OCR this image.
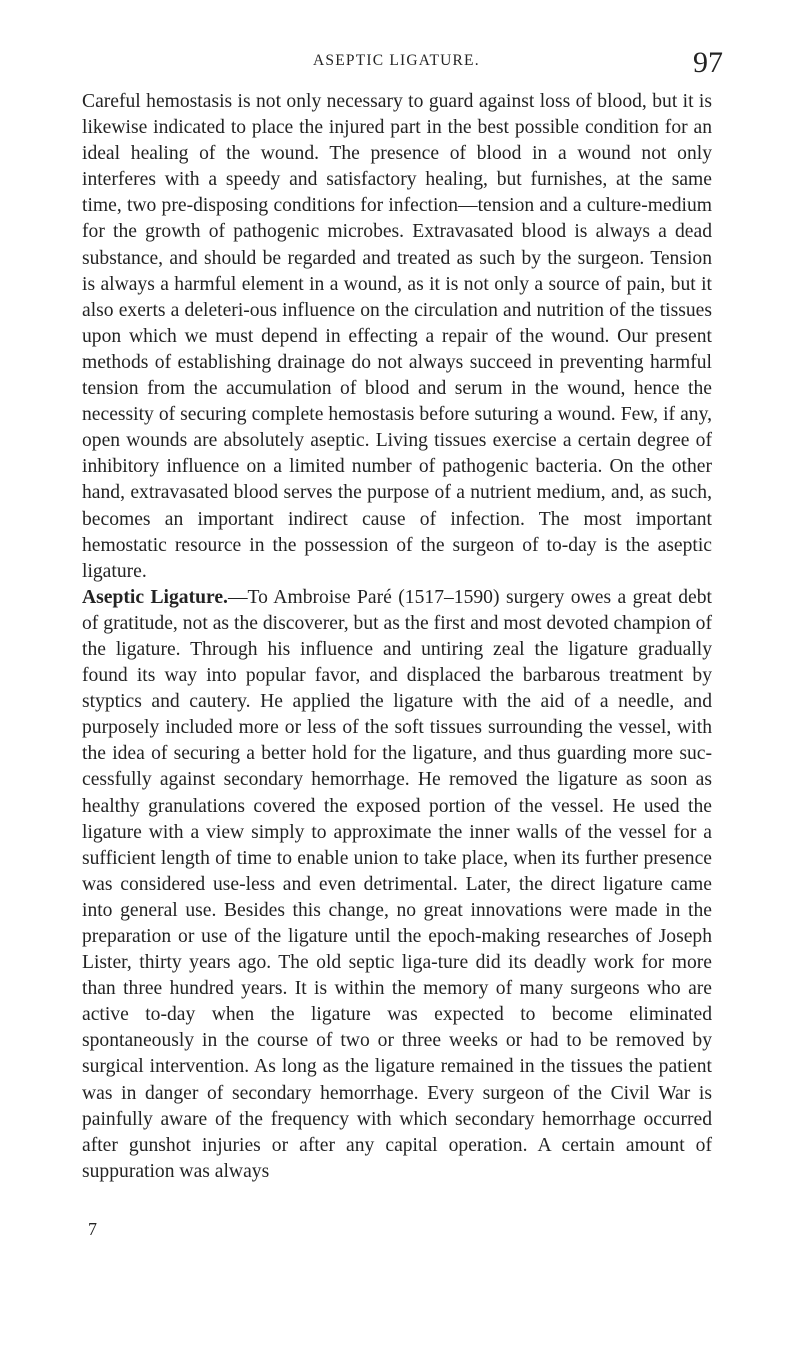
ASEPTIC LIGATURE.	97

Careful hemostasis is not only necessary to guard against loss of blood, but it is likewise indicated to place the injured part in the best possible condition for an ideal healing of the wound. The presence of blood in a wound not only interferes with a speedy and satisfactory healing, but furnishes, at the same time, two pre-disposing conditions for infection—tension and a culture-medium for the growth of pathogenic microbes. Extravasated blood is always a dead substance, and should be regarded and treated as such by the surgeon. Tension is always a harmful element in a wound, as it is not only a source of pain, but it also exerts a deleteri-ous influence on the circulation and nutrition of the tissues upon which we must depend in effecting a repair of the wound. Our present methods of establishing drainage do not always succeed in preventing harmful tension from the accumulation of blood and serum in the wound, hence the necessity of securing complete hemostasis before suturing a wound. Few, if any, open wounds are absolutely aseptic. Living tissues exercise a certain degree of inhibitory influence on a limited number of pathogenic bacteria. On the other hand, extravasated blood serves the purpose of a nutrient medium, and, as such, becomes an important indirect cause of infection. The most important hemostatic resource in the possession of the surgeon of to-day is the aseptic ligature.

Aseptic Ligature.—To Ambroise Paré (1517–1590) surgery owes a great debt of gratitude, not as the discoverer, but as the first and most devoted champion of the ligature. Through his influence and untiring zeal the ligature gradually found its way into popular favor, and displaced the barbarous treatment by styptics and cautery. He applied the ligature with the aid of a needle, and purposely included more or less of the soft tissues surrounding the vessel, with the idea of securing a better hold for the ligature, and thus guarding more suc-cessfully against secondary hemorrhage. He removed the ligature as soon as healthy granulations covered the exposed portion of the vessel. He used the ligature with a view simply to approximate the inner walls of the vessel for a sufficient length of time to enable union to take place, when its further presence was considered use-less and even detrimental. Later, the direct ligature came into general use. Besides this change, no great innovations were made in the preparation or use of the ligature until the epoch-making researches of Joseph Lister, thirty years ago. The old septic liga-ture did its deadly work for more than three hundred years. It is within the memory of many surgeons who are active to-day when the ligature was expected to become eliminated spontaneously in the course of two or three weeks or had to be removed by surgical intervention. As long as the ligature remained in the tissues the patient was in danger of secondary hemorrhage. Every surgeon of the Civil War is painfully aware of the frequency with which secondary hemorrhage occurred after gunshot injuries or after any capital operation. A certain amount of suppuration was always

7
